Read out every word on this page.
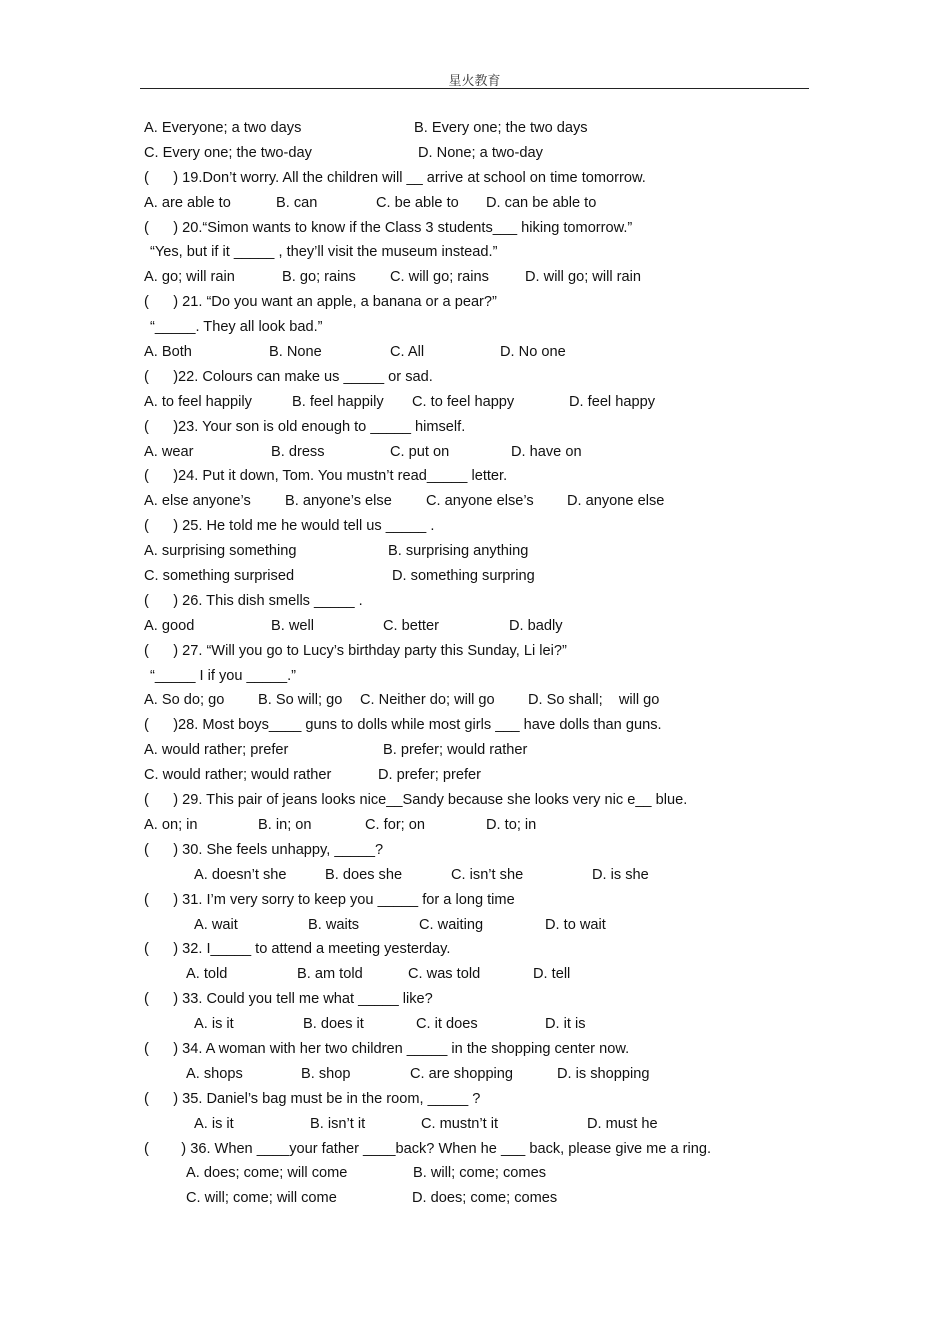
星火教育
A. Everyone; a two days	B. Every one; the two days
C. Every one; the two-day	D. None; a two-day
(      ) 19.Don’t worry. All the children will __ arrive at school on time tomorrow.
A. are able to	B. can	C. be able to D. can be able to
(      ) 20.“Simon wants to know if the Class 3 students___ hiking tomorrow.”
“Yes, but if it _____ , they’ll visit the museum instead.”
A. go; will rain	B. go; rains C. will go; rains D. will go; will rain
(      ) 21. “Do you want an apple, a banana or a pear?”
“_____. They all look bad.”
A. Both	B. None	C. All	D. No one
(      )22. Colours can make us _____ or sad.
A. to feel happily	B. feel happily C. to feel happy	D. feel happy
(      )23. Your son is old enough to _____ himself.
A. wear	B. dress	C. put on	D. have on
(      )24. Put it down, Tom. You mustn’t read_____ letter.
A. else anyone’s B. anyone’s else C. anyone else’s D. anyone else
(      ) 25. He told me he would tell us _____ .
A. surprising something	B. surprising anything
C. something surprised	D. something surpring
(      ) 26. This dish smells _____ .
A. good	B. well	C. better	D. badly
(      ) 27. “Will you go to Lucy’s birthday party this Sunday, Li lei?”
“_____ I if you _____.”
A. So do; go B. So will; go C. Neither do; will go D. So shall;    will go
(      )28. Most boys____ guns to dolls while most girls ___ have dolls than guns.
A. would rather; prefer	B. prefer; would rather
C. would rather; would rather	D. prefer; prefer
(      ) 29. This pair of jeans looks nice__Sandy because she looks very nic e__ blue.
A. on; in	B. in; on	C. for; on	D. to; in
(      ) 30. She feels unhappy, _____?
A. doesn’t she	B. does she	C. isn’t she	D. is she
(      ) 31. I’m very sorry to keep you _____ for a long time
A. wait	B. waits	C. waiting	D. to wait
(      ) 32. I_____ to attend a meeting yesterday.
A. told	B. am told	C. was told	D. tell
(      ) 33. Could you tell me what _____ like?
A. is it	B. does it	C. it does	D. it is
(      ) 34. A woman with her two children _____ in the shopping center now.
A. shops	B. shop	C. are shopping	D. is shopping
(      ) 35. Daniel’s bag must be in the room, _____ ?
A. is it	B. isn’t it	C. mustn’t it	D. must he
(        ) 36. When ____your father ____back? When he ___ back, please give me a ring.
A. does; come; will come	B. will; come; comes
C. will; come; will come	D. does; come; comes
